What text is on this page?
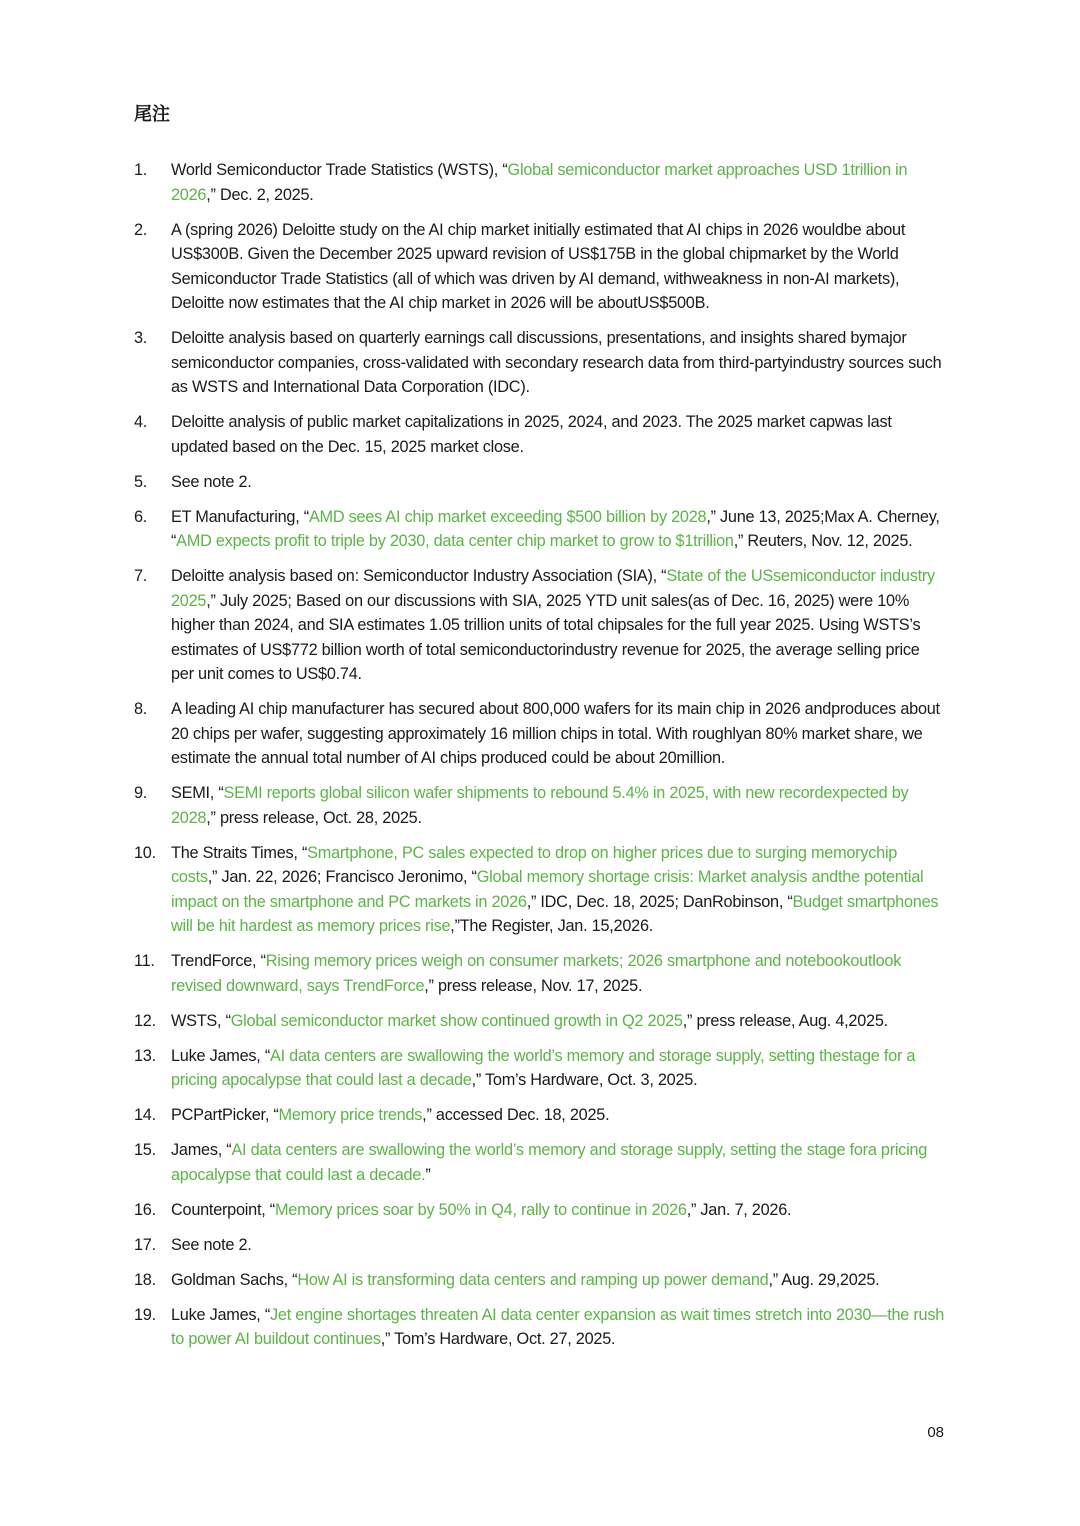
尾注
1.	World Semiconductor Trade Statistics (WSTS), “Global semiconductor market approaches USD 1trillion in 2026,” Dec. 2, 2025.
2.	A (spring 2026) Deloitte study on the AI chip market initially estimated that AI chips in 2026 wouldbe about US$300B. Given the December 2025 upward revision of US$175B in the global chipmarket by the World Semiconductor Trade Statistics (all of which was driven by AI demand, withweakness in non-AI markets), Deloitte now estimates that the AI chip market in 2026 will be aboutUS$500B.
3.	Deloitte analysis based on quarterly earnings call discussions, presentations, and insights shared bymajor semiconductor companies, cross-validated with secondary research data from third-partyindustry sources such as WSTS and International Data Corporation (IDC).
4.	Deloitte analysis of public market capitalizations in 2025, 2024, and 2023. The 2025 market capwas last updated based on the Dec. 15, 2025 market close.
5.	See note 2.
6.	ET Manufacturing, “AMD sees AI chip market exceeding $500 billion by 2028,” June 13, 2025;Max A. Cherney, “AMD expects profit to triple by 2030, data center chip market to grow to $1trillion,” Reuters, Nov. 12, 2025.
7.	Deloitte analysis based on: Semiconductor Industry Association (SIA), “State of the USsemiconductor industry 2025,” July 2025; Based on our discussions with SIA, 2025 YTD unit sales(as of Dec. 16, 2025) were 10% higher than 2024, and SIA estimates 1.05 trillion units of total chipsales for the full year 2025. Using WSTS’s estimates of US$772 billion worth of total semiconductorindustry revenue for 2025, the average selling price per unit comes to US$0.74.
8.	A leading AI chip manufacturer has secured about 800,000 wafers for its main chip in 2026 andproduces about 20 chips per wafer, suggesting approximately 16 million chips in total. With roughlyan 80% market share, we estimate the annual total number of AI chips produced could be about 20million.
9.	SEMI, “SEMI reports global silicon wafer shipments to rebound 5.4% in 2025, with new recordexpected by 2028,” press release, Oct. 28, 2025.
10. The Straits Times, “Smartphone, PC sales expected to drop on higher prices due to surging memorychip costs,” Jan. 22, 2026; Francisco Jeronimo, “Global memory shortage crisis: Market analysis andthe potential impact on the smartphone and PC markets in 2026,” IDC, Dec. 18, 2025; DanRobinson, “Budget smartphones will be hit hardest as memory prices rise,”The Register, Jan. 15,2026.
11.	TrendForce, “Rising memory prices weigh on consumer markets; 2026 smartphone and notebookoutlook revised downward, says TrendForce,” press release, Nov. 17, 2025.
12. WSTS, “Global semiconductor market show continued growth in Q2 2025,” press release, Aug. 4,2025.
13. Luke James, “AI data centers are swallowing the world’s memory and storage supply, setting thestage for a pricing apocalypse that could last a decade,” Tom’s Hardware, Oct. 3, 2025.
14. PCPartPicker, “Memory price trends,” accessed Dec. 18, 2025.
15. James, “AI data centers are swallowing the world’s memory and storage supply, setting the stage fora pricing apocalypse that could last a decade.”
16. Counterpoint, “Memory prices soar by 50% in Q4, rally to continue in 2026,” Jan. 7, 2026.
17. See note 2.
18. Goldman Sachs, “How AI is transforming data centers and ramping up power demand,” Aug. 29,2025.
19. Luke James, “Jet engine shortages threaten AI data center expansion as wait times stretch into 2030—the rush to power AI buildout continues,” Tom’s Hardware, Oct. 27, 2025.
08
